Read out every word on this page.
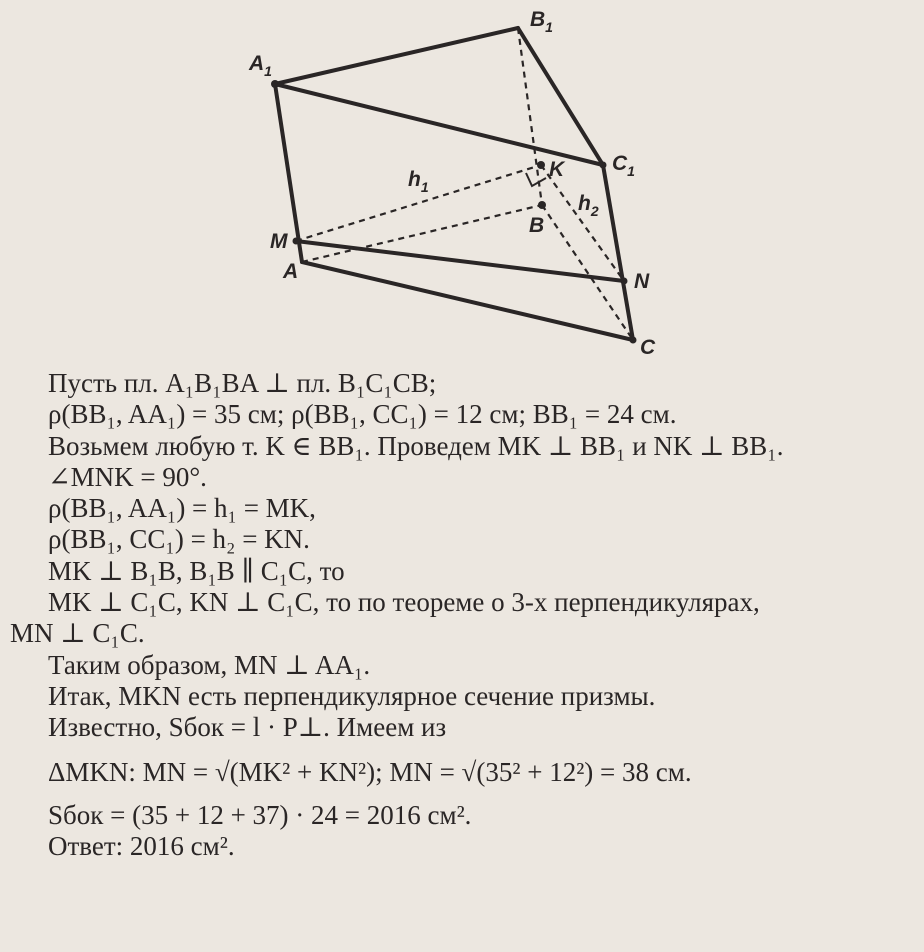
$A_1$
$B_1$
$C_1$
K
$h_1$
$h_2$
B
M
A	N
C
Пусть пл. A₁B₁BA ⊥ пл. B₁C₁CB;
ρ(BB₁, AA₁) = 35 см; ρ(BB₁, CC₁) = 12 см; BB₁ = 24 см.
Возьмем любую т. K ∈ BB₁. Проведем MK ⊥ BB₁ и NK ⊥ BB₁.
∠MNK = 90°.
ρ(BB₁, AA₁) = h₁ = MK,
ρ(BB₁, CC₁) = h₂ = KN.
MK ⊥ B₁B, B₁B ∥ C₁C, то
MK ⊥ C₁C, KN ⊥ C₁C, то по теореме о 3-х перпендикулярах,
MN ⊥ C₁C.
Таким образом, MN ⊥ AA₁.
Итак, MKN есть перпендикулярное сечение призмы.
Известно, Sбок = l · P⊥. Имеем из
ΔMKN: MN = √(MK² + KN²); MN = √(35² + 12²) = 38 см.
Sбок = (35 + 12 + 37) · 24 = 2016 см².
Ответ: 2016 см².
